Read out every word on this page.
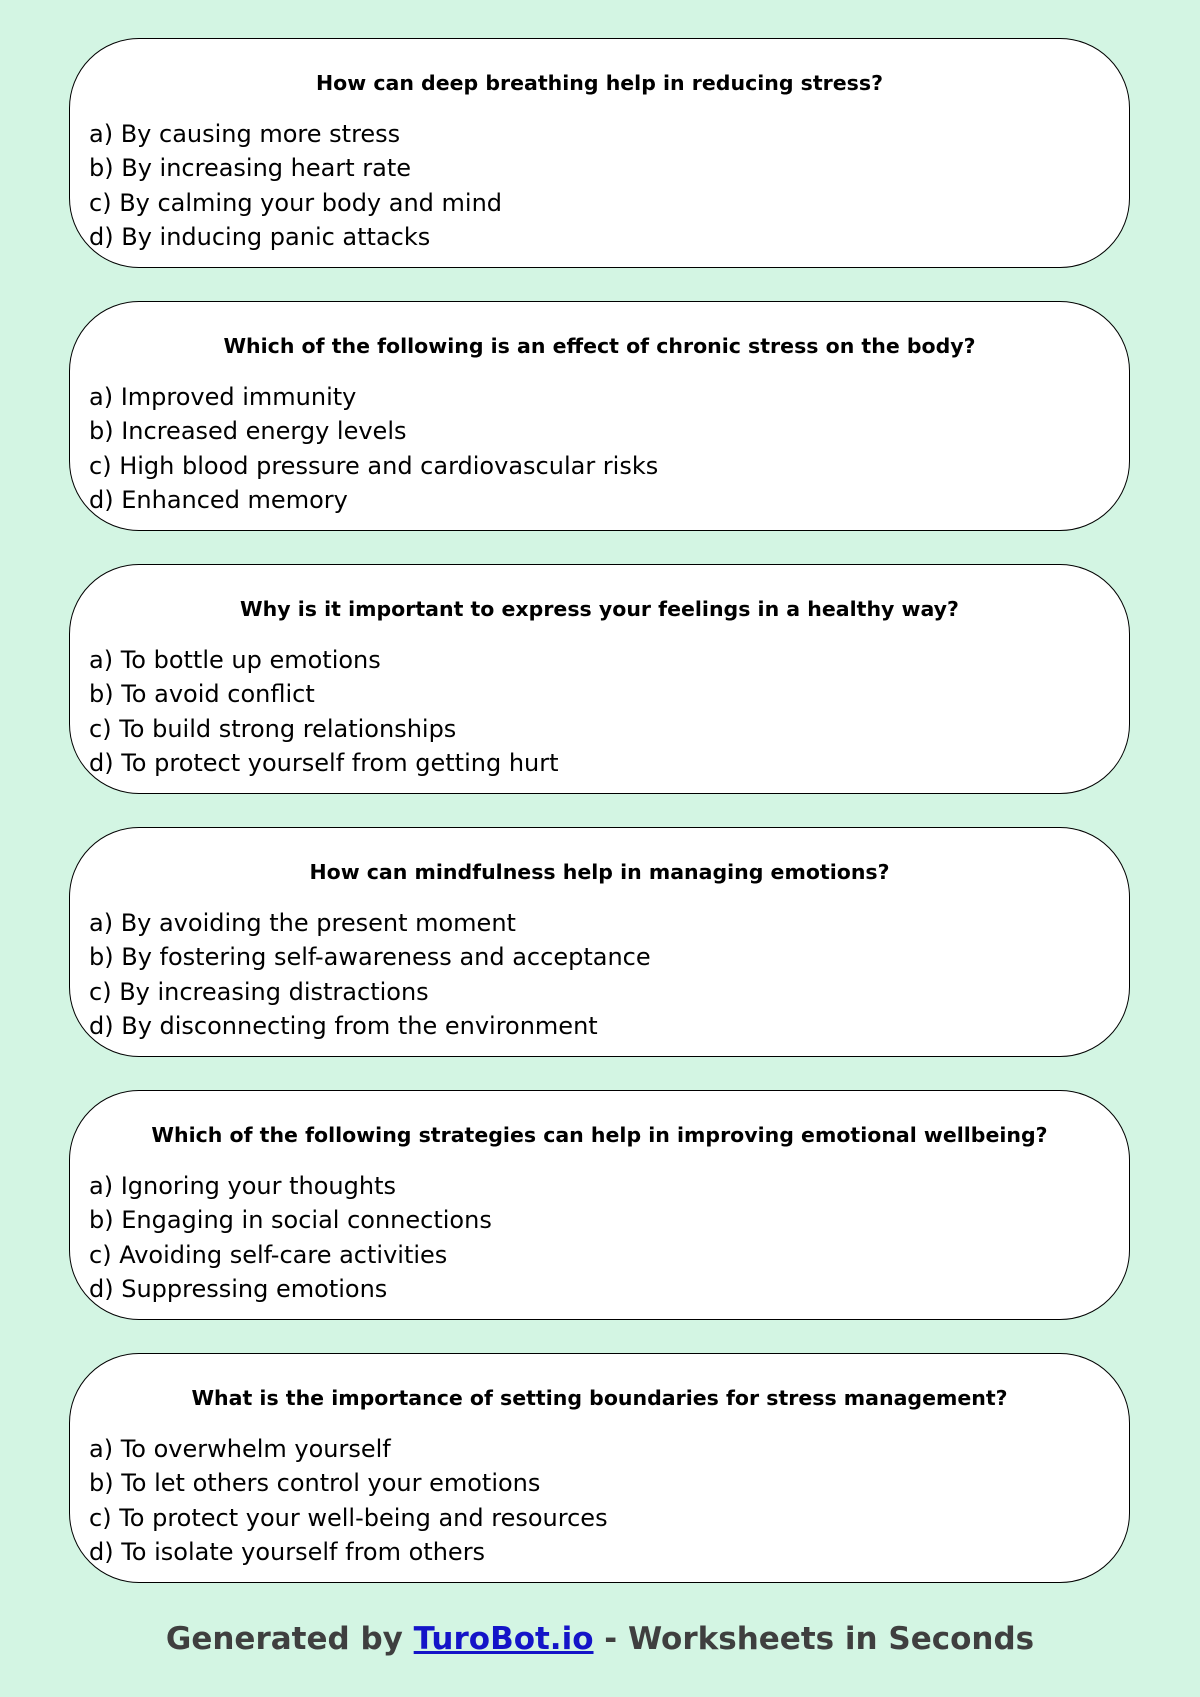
How can deep breathing help in reducing stress?

a) By causing more stress
b) By increasing heart rate
c) By calming your body and mind
d) By inducing panic attacks

Which of the following is an effect of chronic stress on the body?

a) Improved immunity
b) Increased energy levels
c) High blood pressure and cardiovascular risks
d) Enhanced memory

Why is it important to express your feelings in a healthy way?

a) To bottle up emotions
b) To avoid conflict
c) To build strong relationships
d) To protect yourself from getting hurt

How can mindfulness help in managing emotions?

a) By avoiding the present moment
b) By fostering self-awareness and acceptance
c) By increasing distractions
d) By disconnecting from the environment

Which of the following strategies can help in improving emotional wellbeing?

a) Ignoring your thoughts
b) Engaging in social connections
c) Avoiding self-care activities
d) Suppressing emotions

What is the importance of setting boundaries for stress management?

a) To overwhelm yourself
b) To let others control your emotions
c) To protect your well-being and resources
d) To isolate yourself from others
Generated by TuroBot.io - Worksheets in Seconds
